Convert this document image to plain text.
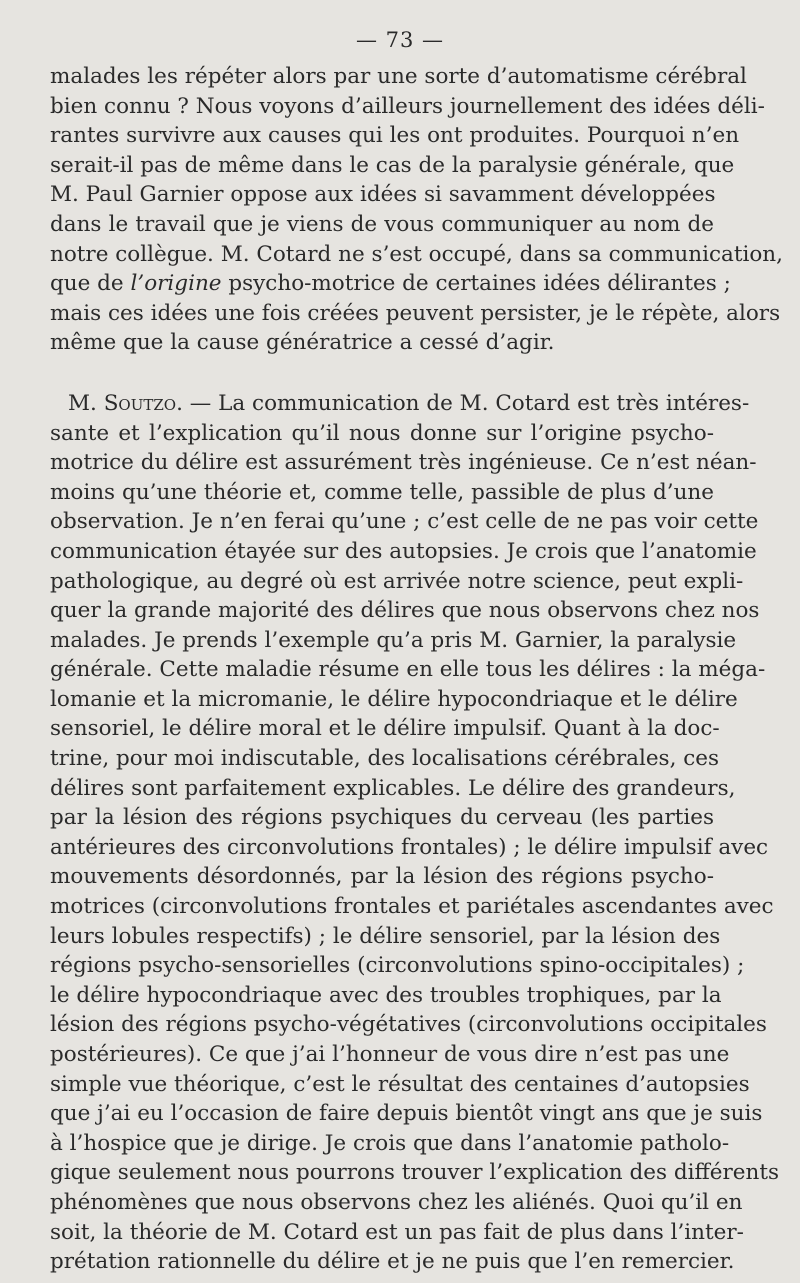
— 73 —
malades les répéter alors par une sorte d’automatisme cérébral
bien connu ? Nous voyons d’ailleurs journellement des idées déli-
rantes survivre aux causes qui les ont produites. Pourquoi n’en
serait-il pas de même dans le cas de la paralysie générale, que
M. Paul Garnier oppose aux idées si savamment développées
dans le travail que je viens de vous communiquer au nom de
notre collègue. M. Cotard ne s’est occupé, dans sa communication,
que de l’origine psycho-motrice de certaines idées délirantes ;
mais ces idées une fois créées peuvent persister, je le répète, alors
même que la cause génératrice a cessé d’agir.
M. Soutzo. — La communication de M. Cotard est très intéres-
sante et l’explication qu’il nous donne sur l’origine psycho-
motrice du délire est assurément très ingénieuse. Ce n’est néan-
moins qu’une théorie et, comme telle, passible de plus d’une
observation. Je n’en ferai qu’une ; c’est celle de ne pas voir cette
communication étayée sur des autopsies. Je crois que l’anatomie
pathologique, au degré où est arrivée notre science, peut expli-
quer la grande majorité des délires que nous observons chez nos
malades. Je prends l’exemple qu’a pris M. Garnier, la paralysie
générale. Cette maladie résume en elle tous les délires : la méga-
lomanie et la micromanie, le délire hypocondriaque et le délire
sensoriel, le délire moral et le délire impulsif. Quant à la doc-
trine, pour moi indiscutable, des localisations cérébrales, ces
délires sont parfaitement explicables. Le délire des grandeurs,
par la lésion des régions psychiques du cerveau (les parties
antérieures des circonvolutions frontales) ; le délire impulsif avec
mouvements désordonnés, par la lésion des régions psycho-
motrices (circonvolutions frontales et pariétales ascendantes avec
leurs lobules respectifs) ; le délire sensoriel, par la lésion des
régions psycho-sensorielles (circonvolutions spino-occipitales) ;
le délire hypocondriaque avec des troubles trophiques, par la
lésion des régions psycho-végétatives (circonvolutions occipitales
postérieures). Ce que j’ai l’honneur de vous dire n’est pas une
simple vue théorique, c’est le résultat des centaines d’autopsies
que j’ai eu l’occasion de faire depuis bientôt vingt ans que je suis
à l’hospice que je dirige. Je crois que dans l’anatomie patholo-
gique seulement nous pourrons trouver l’explication des différents
phénomènes que nous observons chez les aliénés. Quoi qu’il en
soit, la théorie de M. Cotard est un pas fait de plus dans l’inter-
prétation rationnelle du délire et je ne puis que l’en remercier.
